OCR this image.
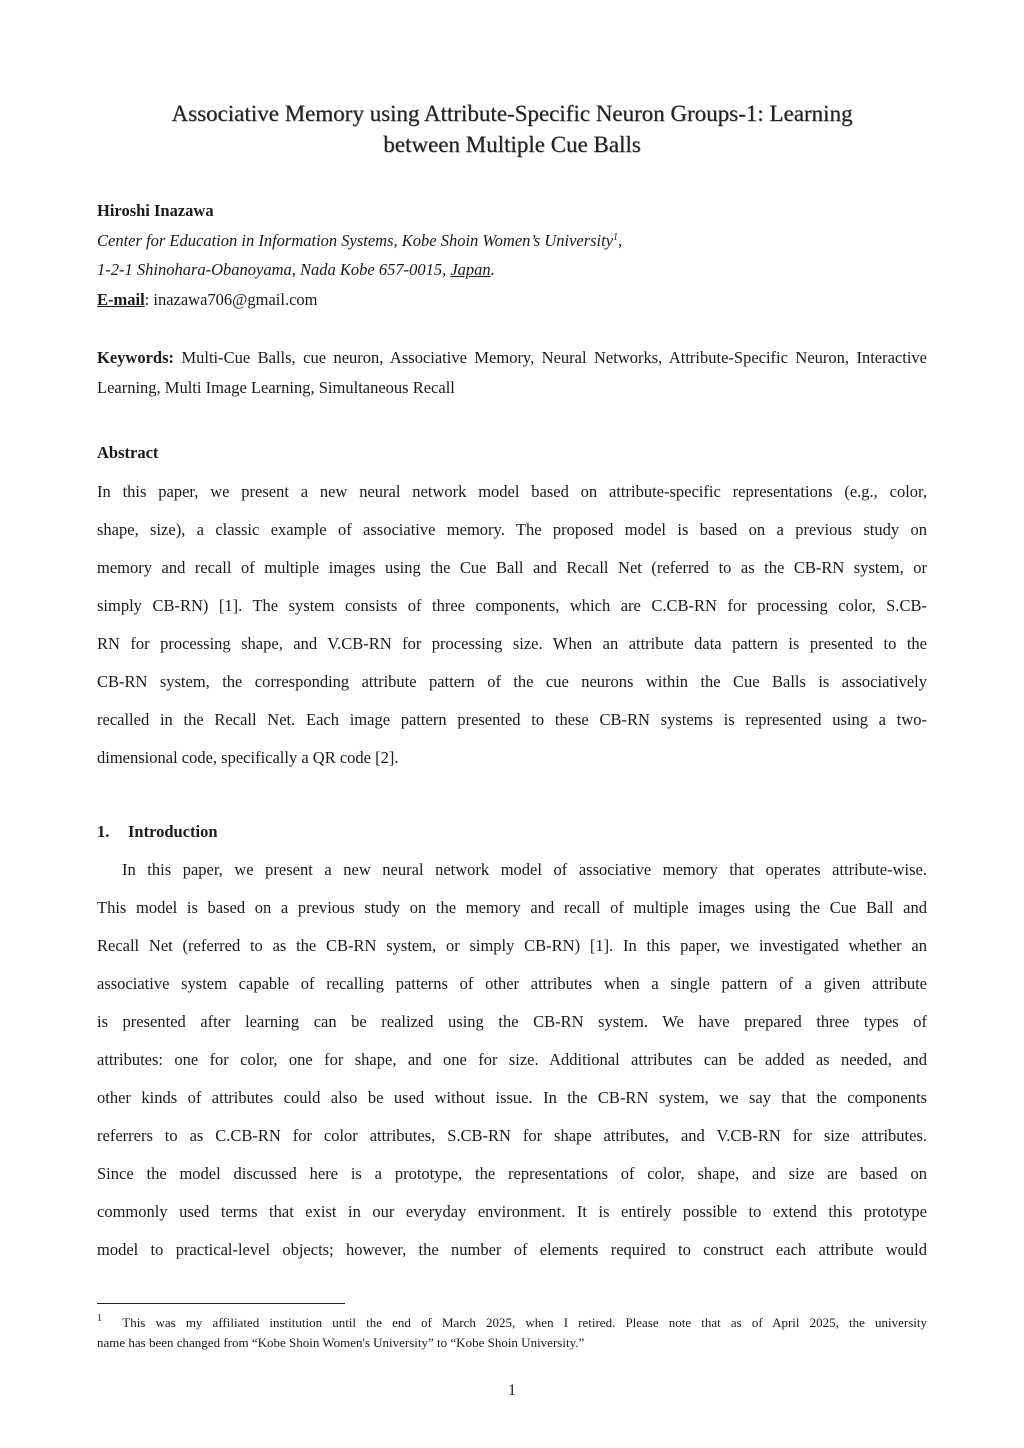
Associative Memory using Attribute-Specific Neuron Groups-1: Learning
between Multiple Cue Balls
Hiroshi Inazawa
Center for Education in Information Systems, Kobe Shoin Women’s University$^1$,
1-2-1 Shinohara-Obanoyama, Nada Kobe 657-0015, Japan.
E-mail: inazawa706@gmail.com
Keywords: Multi-Cue Balls, cue neuron, Associative Memory, Neural Networks, Attribute-Specific Neuron, Interactive Learning, Multi Image Learning, Simultaneous Recall
Abstract
In this paper, we present a new neural network model based on attribute-specific representations (e.g., color,
shape, size), a classic example of associative memory. The proposed model is based on a previous study on
memory and recall of multiple images using the Cue Ball and Recall Net (referred to as the CB-RN system, or
simply CB-RN) [1]. The system consists of three components, which are C.CB-RN for processing color, S.CB-
RN for processing shape, and V.CB-RN for processing size. When an attribute data pattern is presented to the
CB-RN system, the corresponding attribute pattern of the cue neurons within the Cue Balls is associatively
recalled in the Recall Net. Each image pattern presented to these CB-RN systems is represented using a two-
dimensional code, specifically a QR code [2].
1. Introduction
In this paper, we present a new neural network model of associative memory that operates attribute-wise.
This model is based on a previous study on the memory and recall of multiple images using the Cue Ball and
Recall Net (referred to as the CB-RN system, or simply CB-RN) [1]. In this paper, we investigated whether an
associative system capable of recalling patterns of other attributes when a single pattern of a given attribute
is presented after learning can be realized using the CB-RN system. We have prepared three types of
attributes: one for color, one for shape, and one for size. Additional attributes can be added as needed, and
other kinds of attributes could also be used without issue. In the CB-RN system, we say that the components
referrers to as C.CB-RN for color attributes, S.CB-RN for shape attributes, and V.CB-RN for size attributes.
Since the model discussed here is a prototype, the representations of color, shape, and size are based on
commonly used terms that exist in our everyday environment. It is entirely possible to extend this prototype
model to practical-level objects; however, the number of elements required to construct each attribute would
$^1$ This was my affiliated institution until the end of March 2025, when I retired. Please note that as of April 2025, the university
name has been changed from “Kobe Shoin Women's University” to “Kobe Shoin University.”
1
